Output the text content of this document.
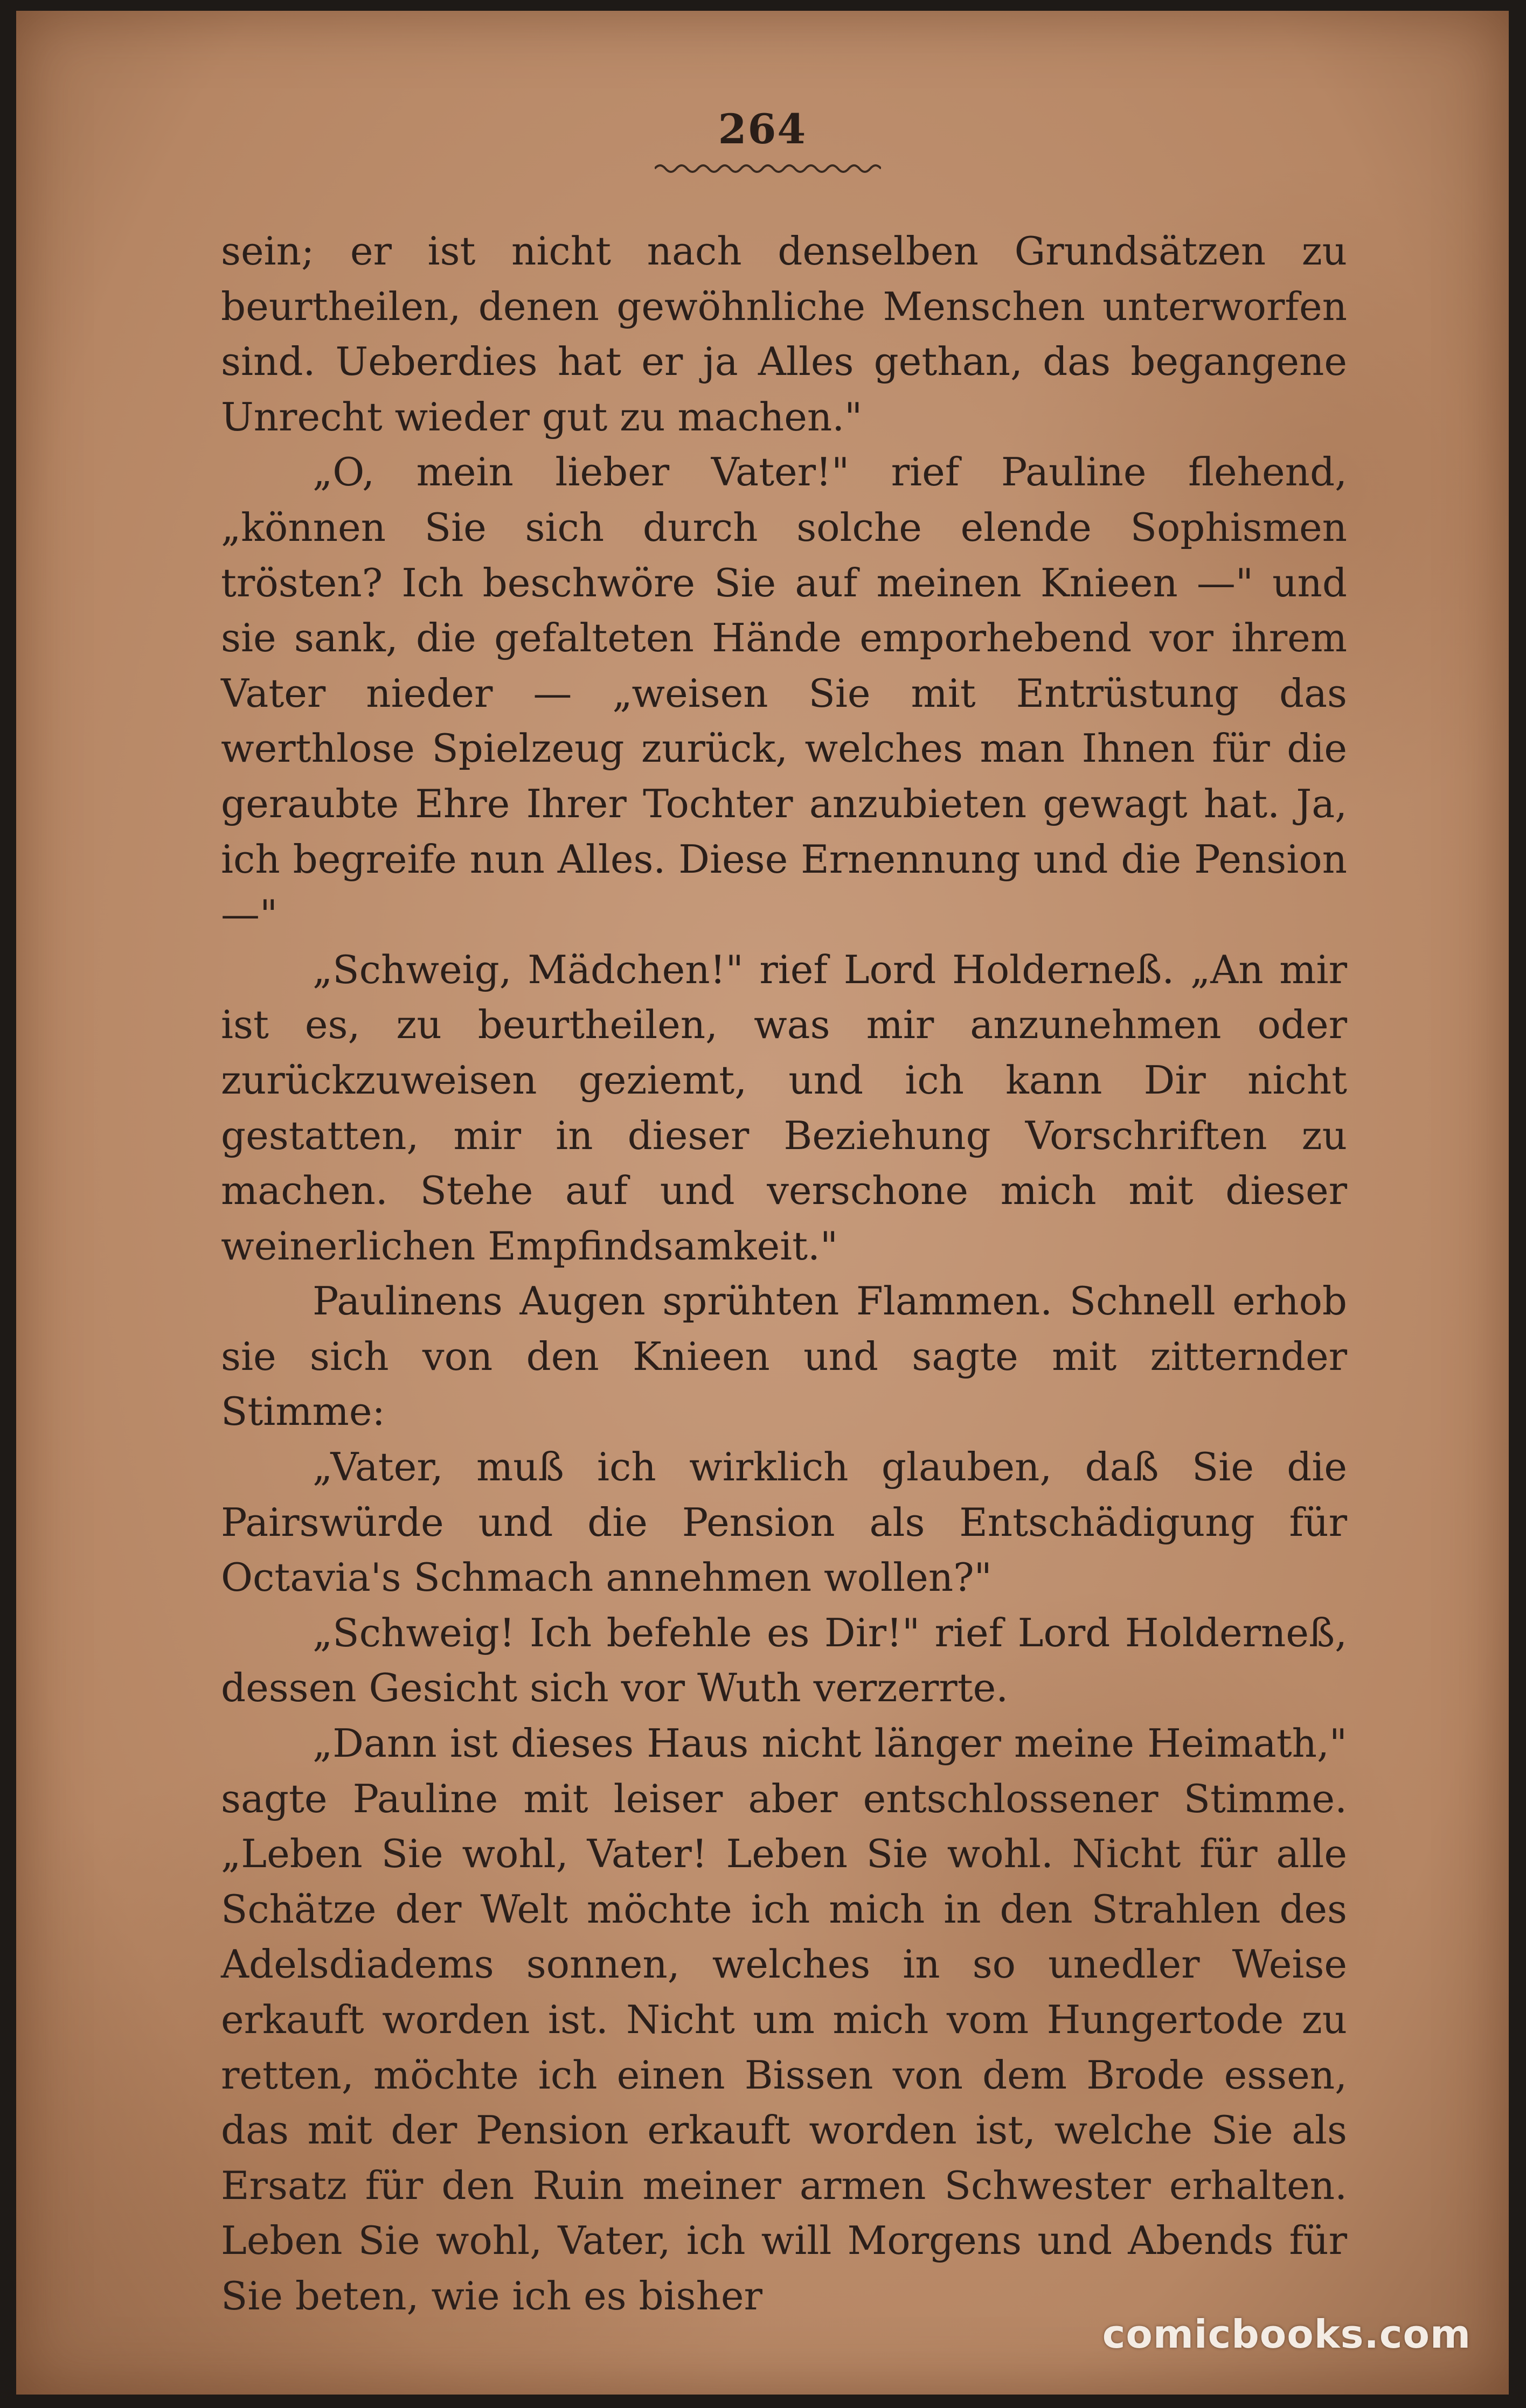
264

sein; er ist nicht nach denselben Grundsätzen zu beurtheilen, denen gewöhnliche Menschen unterworfen sind. Ueberdies hat er ja Alles gethan, das begangene Unrecht wieder gut zu machen."

„O, mein lieber Vater!" rief Pauline flehend, „können Sie sich durch solche elende Sophismen trösten? Ich beschwöre Sie auf meinen Knieen —" und sie sank, die gefalteten Hände emporhebend vor ihrem Vater nieder — „weisen Sie mit Entrüstung das werthlose Spielzeug zurück, welches man Ihnen für die geraubte Ehre Ihrer Tochter anzubieten gewagt hat. Ja, ich begreife nun Alles. Diese Ernennung und die Pension —"

„Schweig, Mädchen!" rief Lord Holderneß. „An mir ist es, zu beurtheilen, was mir anzunehmen oder zurückzuweisen geziemt, und ich kann Dir nicht gestatten, mir in dieser Beziehung Vorschriften zu machen. Stehe auf und verschone mich mit dieser weinerlichen Empfindsamkeit."

Paulinens Augen sprühten Flammen. Schnell erhob sie sich von den Knieen und sagte mit zitternder Stimme:

„Vater, muß ich wirklich glauben, daß Sie die Pairswürde und die Pension als Entschädigung für Octavia's Schmach annehmen wollen?"

„Schweig! Ich befehle es Dir!" rief Lord Holderneß, dessen Gesicht sich vor Wuth verzerrte.

„Dann ist dieses Haus nicht länger meine Heimath," sagte Pauline mit leiser aber entschlossener Stimme. „Leben Sie wohl, Vater! Leben Sie wohl. Nicht für alle Schätze der Welt möchte ich mich in den Strahlen des Adelsdiadems sonnen, welches in so unedler Weise erkauft worden ist. Nicht um mich vom Hungertode zu retten, möchte ich einen Bissen von dem Brode essen, das mit der Pension erkauft worden ist, welche Sie als Ersatz für den Ruin meiner armen Schwester erhalten. Leben Sie wohl, Vater, ich will Morgens und Abends für Sie beten, wie ich es bisher

comicbooks.com
